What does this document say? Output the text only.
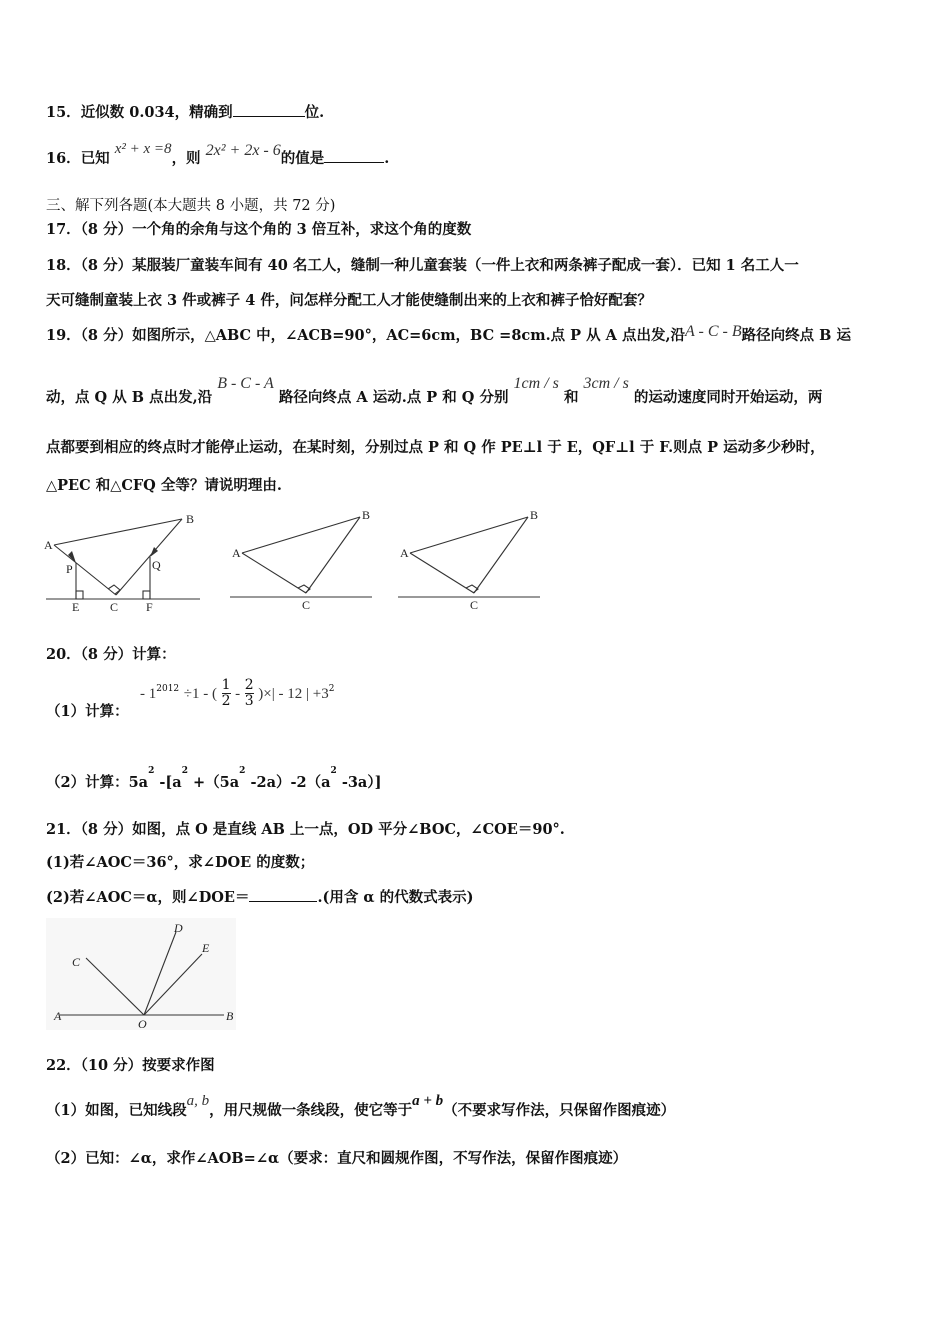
15．近似数 0.034，精确到	位.
16．已知 x² + x =8，则 2x² + 2x - 6的值是	.
三、解下列各题(本大题共 8 小题，共 72 分)
17．（8 分）一个角的余角与这个角的 3 倍互补，求这个角的度数
18．（8 分）某服装厂童装车间有 40 名工人，缝制一种儿童套装（一件上衣和两条裤子配成一套）．已知 1 名工人一
天可缝制童装上衣 3 件或裤子 4 件，问怎样分配工人才能使缝制出来的上衣和裤子恰好配套？
19．（8 分）如图所示，△ABC 中，∠ACB=90°，AC=6cm，BC =8cm.点 P 从 A 点出发,沿A - C - B路径向终点 B 运
动，点 Q 从 B 点出发,沿 B - C - A 路径向终点 A 运动.点 P 和 Q 分别 1cm / s 和 3cm / s 的运动速度同时开始运动，两
点都要到相应的终点时才能停止运动，在某时刻，分别过点 P 和 Q 作 PE⊥l 于 E，QF⊥l 于 F.则点 P 运动多少秒时，
△PEC 和△CFQ 全等？请说明理由.
A
B
P	Q
E	C F
A
B
C
A
B
C
20．（8 分）计算：
（1）计算：
- $1^{2012} \div 1$ - ( $\frac{1}{2} - \frac{2}{3}$ )×| - 12 | $+3^2$
（2）计算：$5a^2$ $-[a^2 +(5a^2$ $-2a)-2(a^2$ -3a）]
21．（8 分）如图，点 O 是直线 AB 上一点，OD 平分∠BOC，∠COE＝90°.
(1)若∠AOC＝36°，求∠DOE 的度数；
(2)若∠AOC＝α，则∠DOE＝	.(用含 α 的代数式表示)
A	B
C
D
E
O
22．（10 分）按要求作图
（1）如图，已知线段a, b，用尺规做一条线段，使它等于a + b（不要求写作法，只保留作图痕迹）
（2）已知：∠α，求作∠AOB=∠α（要求：直尺和圆规作图，不写作法，保留作图痕迹）
